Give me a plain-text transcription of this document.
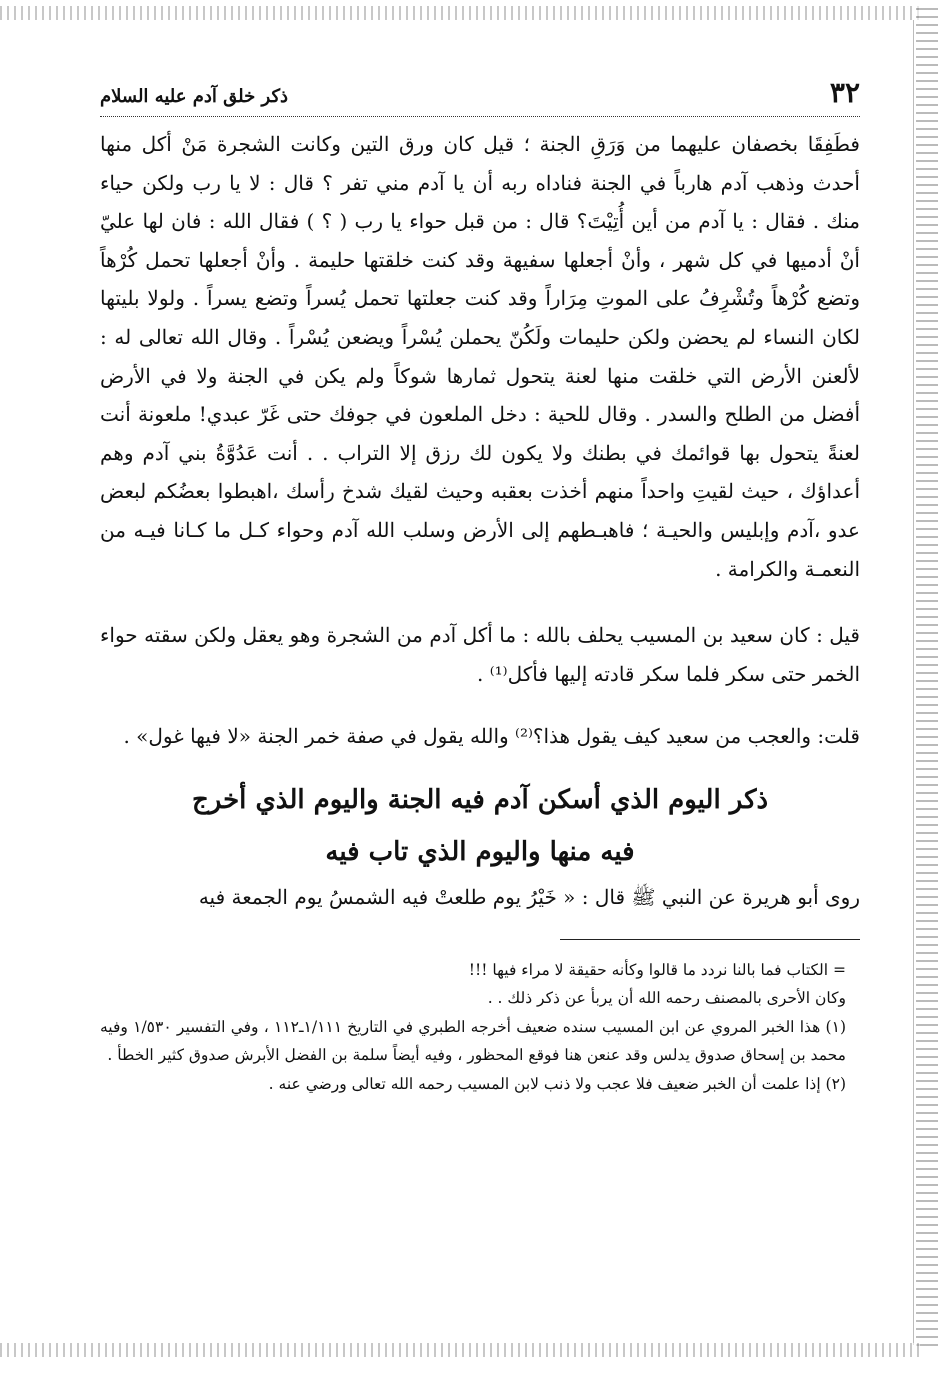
٣٢
ذكر خلق آدم عليه السلام

فطَفِقَا بخصفان عليهما من وَرَقِ الجنة ؛ قيل كان ورق التين وكانت الشجرة مَنْ أكل منها أحدث وذهب آدم هارباً في الجنة فناداه ربه أن يا آدم مني تفر ؟ قال : لا يا رب ولكن حياء منك . فقال : يا آدم من أين أُتِيْتَ؟ قال : من قبل حواء يا رب ( ؟ ) فقال الله : فان لها عليّ أنْ أدميها في كل شهر ، وأنْ أجعلها سفيهة وقد كنت خلقتها حليمة . وأنْ أجعلها تحمل كُرْهاً وتضع كُرْهاً وتُشْرِفُ على الموتِ مِرَاراً وقد كنت جعلتها تحمل يُسراً وتضع يسراً . ولولا بليتها لكان النساء لم يحضن ولكن حليمات ولَكُنّ يحملن يُسْراً ويضعن يُسْراً . وقال الله تعالى له : لألعنن الأرض التي خلقت منها لعنة يتحول ثمارها شوكاً ولم يكن في الجنة ولا في الأرض أفضل من الطلح والسدر . وقال للحية : دخل الملعون في جوفك حتى غَرّ عبدي! ملعونة أنت لعنةً يتحول بها قوائمك في بطنك ولا يكون لك رزق إلا التراب . . أنت عَدُوَّةُ بني آدم وهم أعداؤك ، حيث لقيتِ واحداً منهم أخذت بعقبه وحيث لقيك شدخ رأسك ،اهبطوا بعضُكم لبعض عدو ،آدم وإبليس والحيـة ؛ فاهبـطهم إلى الأرض وسلب الله آدم وحواء كـل ما كـانا فيـه من النعمـة والكرامة .

قيل : كان سعيد بن المسيب يحلف بالله : ما أكل آدم من الشجرة وهو يعقل ولكن سقته حواء الخمر حتى سكر فلما سكر قادته إليها فأكل⁽¹⁾ .

قلت: والعجب من سعيد كيف يقول هذا؟⁽²⁾ والله يقول في صفة خمر الجنة «لا فيها غول» .

ذكر اليوم الذي أسكن آدم فيه الجنة واليوم الذي أخرج
فيه منها واليوم الذي تاب فيه

روى أبو هريرة عن النبي ﷺ قال : « خَيْرُ يوم طلعتْ فيه الشمسُ يوم الجمعة فيه

= الكتاب فما بالنا نردد ما قالوا وكأنه حقيقة لا مراء فيها !!!

وكان الأحرى بالمصنف رحمه الله أن يربأ عن ذكر ذلك . .

(١) هذا الخبر المروي عن ابن المسيب سنده ضعيف أخرجه الطبري في التاريخ ١/١١١ـ١١٢ ، وفي التفسير ١/٥٣٠ وفيه محمد بن إسحاق صدوق يدلس وقد عنعن هنا فوقع المحظور ، وفيه أيضاً سلمة بن الفضل الأبرش صدوق كثير الخطأ .

(٢) إذا علمت أن الخبر ضعيف فلا عجب ولا ذنب لابن المسيب رحمه الله تعالى ورضي عنه .
